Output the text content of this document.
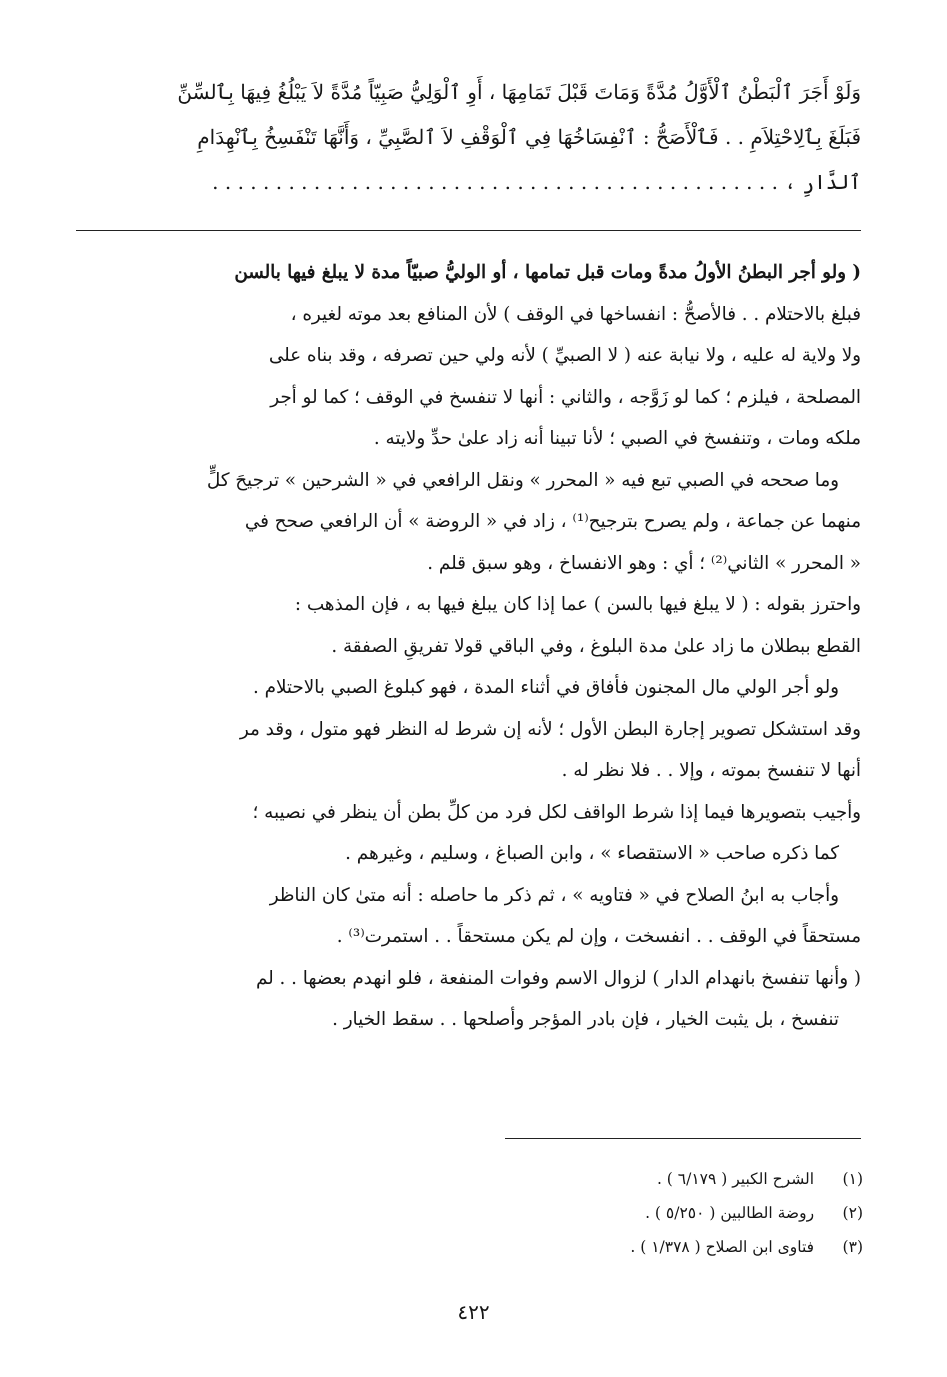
وَلَوْ أَجَرَ ٱلْبَطْنُ ٱلْأَوَّلُ مُدَّةً وَمَاتَ قَبْلَ تَمَامِهَا ، أَوِ ٱلْوَلِيُّ صَبِيّاً مُدَّةً لاَ يَبْلُغُ فِيهَا بِٱلسِّنِّ
فَبَلَغَ بِٱلِاحْتِلاَمِ . . فَٱلْأَصَحُّ : ٱنْفِسَاخُهَا فِي ٱلْوَقْفِ لاَ ٱلصَّبِيِّ ، وَأَنَّهَا تَنْفَسِخُ بِٱنْهِدَامِ
ٱلدَّارِ ، . . . . . . . . . . . . . . . . . . . . . . . . . . . . . . . . . . . . . . . . . . . . .
( ولو أجر البطنُ الأولُ مدةً ومات قبل تمامها ، أو الوليُّ صبيّاً مدة لا يبلغ فيها بالسن
فبلغ بالاحتلام . . فالأصحُّ : انفساخها في الوقف ) لأن المنافع بعد موته لغيره ،
ولا ولاية له عليه ، ولا نيابة عنه ( لا الصبيِّ ) لأنه ولي حين تصرفه ، وقد بناه على
المصلحة ، فيلزم ؛ كما لو زَوَّجه ، والثاني : أنها لا تنفسخ في الوقف ؛ كما لو أجر
ملكه ومات ، وتنفسخ في الصبي ؛ لأنا تبينا أنه زاد علىٰ حدِّ ولايته .
وما صححه في الصبي تبع فيه « المحرر » ونقل الرافعي في « الشرحين » ترجيحَ كلٍّ
منهما عن جماعة ، ولم يصرح بترجيح⁽¹⁾ ، زاد في « الروضة » أن الرافعي صحح في
« المحرر » الثاني⁽²⁾ ؛ أي : وهو الانفساخ ، وهو سبق قلم .
واحترز بقوله : ( لا يبلغ فيها بالسن ) عما إذا كان يبلغ فيها به ، فإن المذهب :
القطع ببطلان ما زاد علىٰ مدة البلوغ ، وفي الباقي قولا تفريقِ الصفقة .
ولو أجر الولي مال المجنون فأفاق في أثناء المدة ، فهو كبلوغ الصبي بالاحتلام .
وقد استشكل تصوير إجارة البطن الأول ؛ لأنه إن شرط له النظر فهو متول ، وقد مر
أنها لا تنفسخ بموته ، وإلا . . فلا نظر له .
وأجيب بتصويرها فيما إذا شرط الواقف لكل فرد من كلِّ بطن أن ينظر في نصيبه ؛
كما ذكره صاحب « الاستقصاء » ، وابن الصباغ ، وسليم ، وغيرهم .
وأجاب به ابنُ الصلاح في « فتاويه » ، ثم ذكر ما حاصله : أنه متىٰ كان الناظر
مستحقاً في الوقف . . انفسخت ، وإن لم يكن مستحقاً . . استمرت⁽³⁾ .
( وأنها تنفسخ بانهدام الدار ) لزوال الاسم وفوات المنفعة ، فلو انهدم بعضها . . لم
تنفسخ ، بل يثبت الخيار ، فإن بادر المؤجر وأصلحها . . سقط الخيار .
(١) الشرح الكبير ( ٦/١٧٩ ) .
(٢) روضة الطالبين ( ٥/٢٥٠ ) .
(٣) فتاوى ابن الصلاح ( ١/٣٧٨ ) .
٤٢٢
